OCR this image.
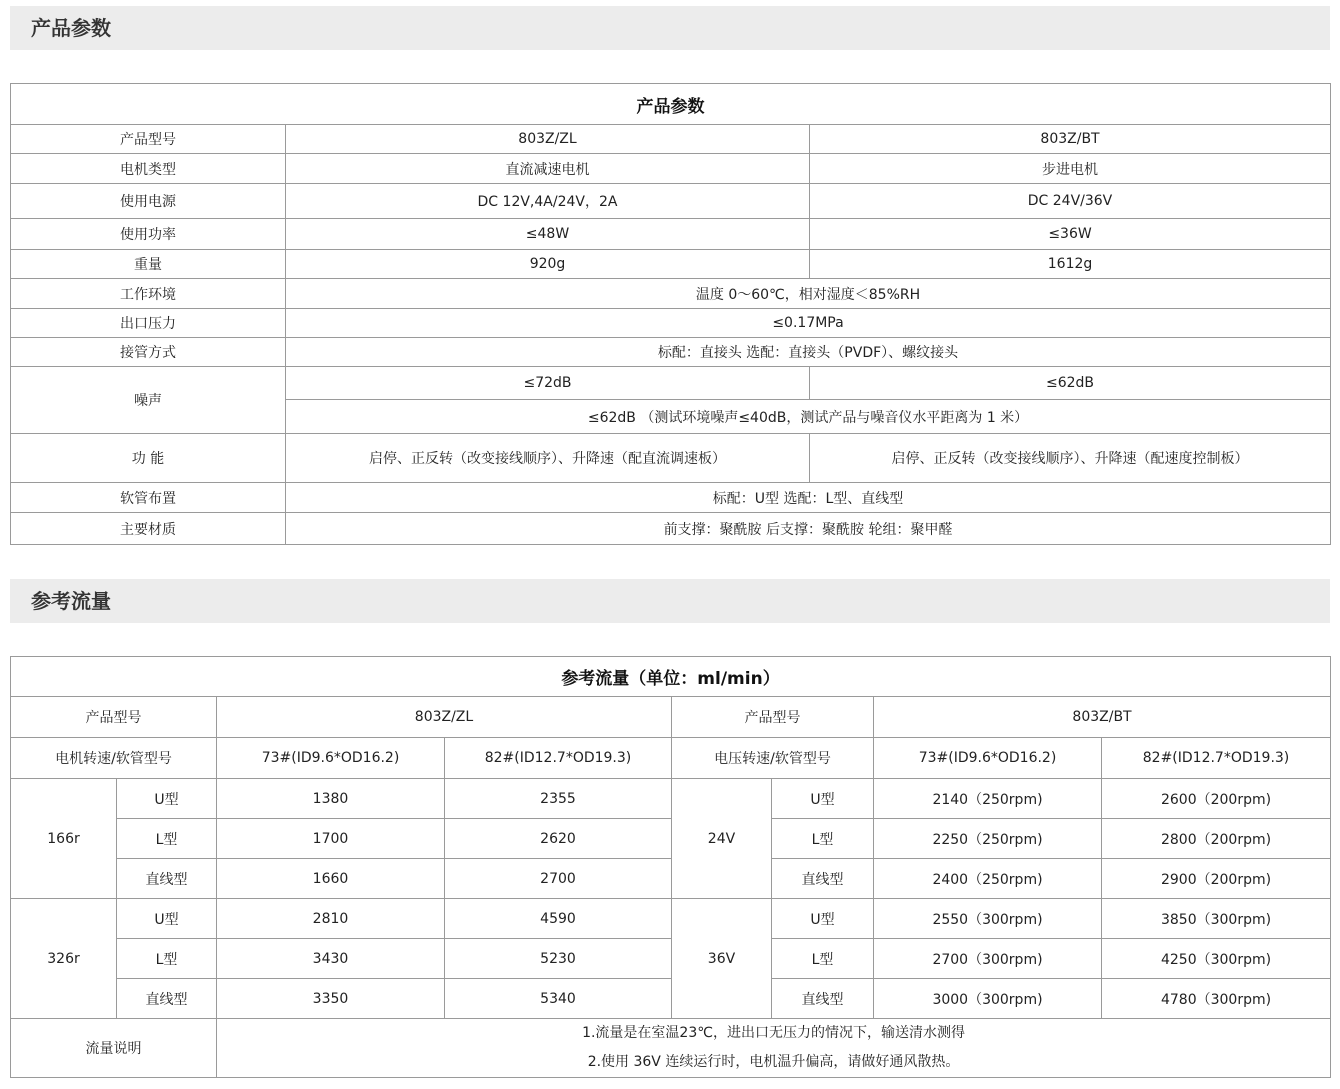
产品参数
产品参数		
产品型号	803Z/ZL	803Z/BT
电机类型	直流减速电机	步进电机
使用电源	DC 12V,4A/24V，2A	DC 24V/36V
使用功率	≤48W	≤36W
重量	920g	1612g
工作环境	温度 0～60℃，相对湿度＜85%RH	
出口压力	≤0.17MPa	
接管方式	标配：直接头 选配：直接头（PVDF）、螺纹接头	
噪声	≤72dB	≤62dB
	≤62dB （测试环境噪声≤40dB，测试产品与噪音仪水平距离为 1 米）	
功 能	启停、正反转（改变接线顺序）、升降速（配直流调速板）	启停、正反转（改变接线顺序）、升降速（配速度控制板）
软管布置	标配：U型 选配：L型、直线型	
主要材质	前支撑：聚酰胺 后支撑：聚酰胺 轮组：聚甲醛	
参考流量
参考流量（单位：ml/min）							
产品型号		803Z/ZL		产品型号		803Z/BT	
电机转速/软管型号		73#(ID9.6*OD16.2)	82#(ID12.7*OD19.3)	电压转速/软管型号		73#(ID9.6*OD16.2)	82#(ID12.7*OD19.3)
166r	U型	1380	2355	24V	U型	2140（250rpm)	2600（200rpm)
	L型	1700	2620		L型	2250（250rpm)	2800（200rpm)
	直线型	1660	2700		直线型	2400（250rpm)	2900（200rpm)
326r	U型	2810	4590	36V	U型	2550（300rpm)	3850（300rpm)
	L型	3430	5230		L型	2700（300rpm)	4250（300rpm)
	直线型	3350	5340		直线型	3000（300rpm)	4780（300rpm)
流量说明		1.流量是在室温23℃，进出口无压力的情况下，输送清水测得
2.使用 36V 连续运行时，电机温升偏高，请做好通风散热。					
